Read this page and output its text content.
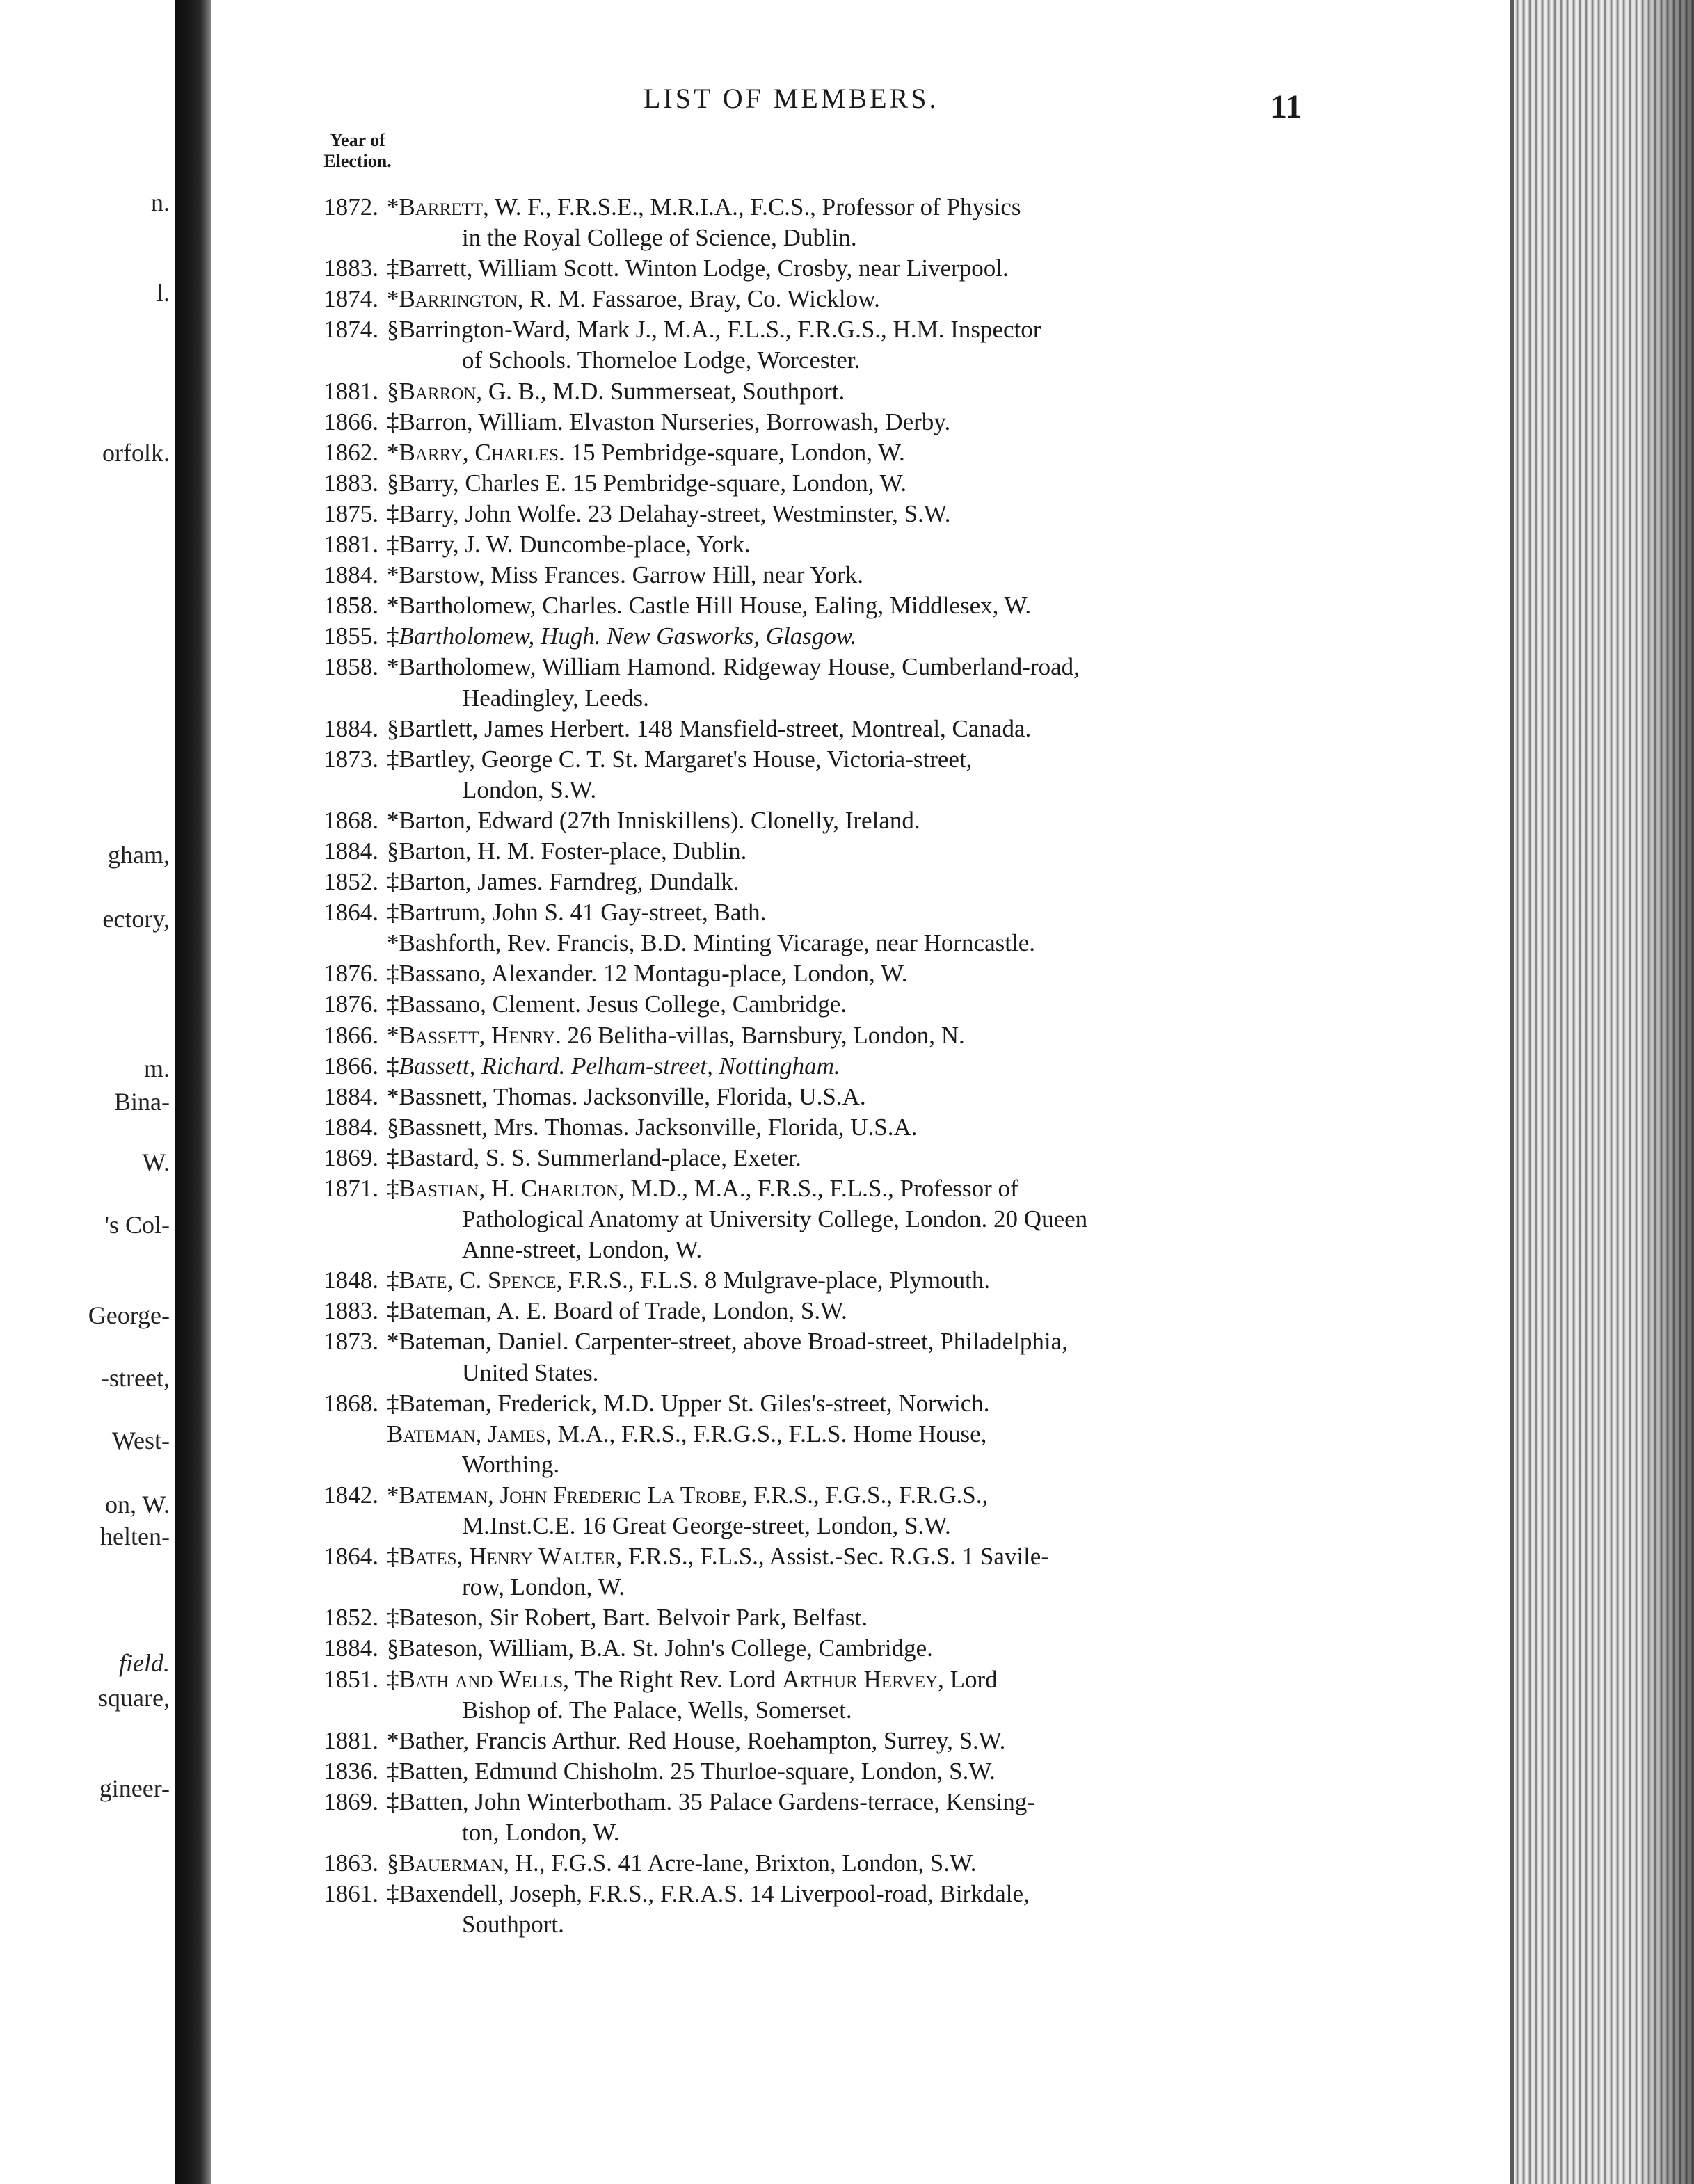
n.
l.
orfolk.
gham,
ectory,
m.
Bina-
W.
's Col-
George-
-street,
West-
on, W.
helten-
field.
square,
gineer-
LIST OF MEMBERS.	11
Year of
Election.
1872. *Barrett, W. F., F.R.S.E., M.R.I.A., F.C.S., Professor of Physics
in the Royal College of Science, Dublin.
1883. ‡Barrett, William Scott. Winton Lodge, Crosby, near Liverpool.
1874. *Barrington, R. M. Fassaroe, Bray, Co. Wicklow.
1874. §Barrington-Ward, Mark J., M.A., F.L.S., F.R.G.S., H.M. Inspector
of Schools. Thorneloe Lodge, Worcester.
1881. §Barron, G. B., M.D. Summerseat, Southport.
1866. ‡Barron, William. Elvaston Nurseries, Borrowash, Derby.
1862. *Barry, Charles. 15 Pembridge-square, London, W.
1883. §Barry, Charles E. 15 Pembridge-square, London, W.
1875. ‡Barry, John Wolfe. 23 Delahay-street, Westminster, S.W.
1881. ‡Barry, J. W. Duncombe-place, York.
1884. *Barstow, Miss Frances. Garrow Hill, near York.
1858. *Bartholomew, Charles. Castle Hill House, Ealing, Middlesex, W.
1855. ‡Bartholomew, Hugh. New Gasworks, Glasgow.
1858. *Bartholomew, William Hamond. Ridgeway House, Cumberland-road,
Headingley, Leeds.
1884. §Bartlett, James Herbert. 148 Mansfield-street, Montreal, Canada.
1873. ‡Bartley, George C. T. St. Margaret's House, Victoria-street,
London, S.W.
1868. *Barton, Edward (27th Inniskillens). Clonelly, Ireland.
1884. §Barton, H. M. Foster-place, Dublin.
1852. ‡Barton, James. Farndreg, Dundalk.
1864. ‡Bartrum, John S. 41 Gay-street, Bath.
*Bashforth, Rev. Francis, B.D. Minting Vicarage, near Horncastle.
1876. ‡Bassano, Alexander. 12 Montagu-place, London, W.
1876. ‡Bassano, Clement. Jesus College, Cambridge.
1866. *Bassett, Henry. 26 Belitha-villas, Barnsbury, London, N.
1866. ‡Bassett, Richard. Pelham-street, Nottingham.
1884. *Bassnett, Thomas. Jacksonville, Florida, U.S.A.
1884. §Bassnett, Mrs. Thomas. Jacksonville, Florida, U.S.A.
1869. ‡Bastard, S. S. Summerland-place, Exeter.
1871. ‡Bastian, H. Charlton, M.D., M.A., F.R.S., F.L.S., Professor of
Pathological Anatomy at University College, London. 20 Queen
Anne-street, London, W.
1848. ‡Bate, C. Spence, F.R.S., F.L.S. 8 Mulgrave-place, Plymouth.
1883. ‡Bateman, A. E. Board of Trade, London, S.W.
1873. *Bateman, Daniel. Carpenter-street, above Broad-street, Philadelphia,
United States.
1868. ‡Bateman, Frederick, M.D. Upper St. Giles's-street, Norwich.
Bateman, James, M.A., F.R.S., F.R.G.S., F.L.S. Home House,
Worthing.
1842. *Bateman, John Frederic La Trobe, F.R.S., F.G.S., F.R.G.S.,
M.Inst.C.E. 16 Great George-street, London, S.W.
1864. ‡Bates, Henry Walter, F.R.S., F.L.S., Assist.-Sec. R.G.S. 1 Savile-
row, London, W.
1852. ‡Bateson, Sir Robert, Bart. Belvoir Park, Belfast.
1884. §Bateson, William, B.A. St. John's College, Cambridge.
1851. ‡Bath and Wells, The Right Rev. Lord Arthur Hervey, Lord
Bishop of. The Palace, Wells, Somerset.
1881. *Bather, Francis Arthur. Red House, Roehampton, Surrey, S.W.
1836. ‡Batten, Edmund Chisholm. 25 Thurloe-square, London, S.W.
1869. ‡Batten, John Winterbotham. 35 Palace Gardens-terrace, Kensing-
ton, London, W.
1863. §Bauerman, H., F.G.S. 41 Acre-lane, Brixton, London, S.W.
1861. ‡Baxendell, Joseph, F.R.S., F.R.A.S. 14 Liverpool-road, Birkdale,
Southport.
